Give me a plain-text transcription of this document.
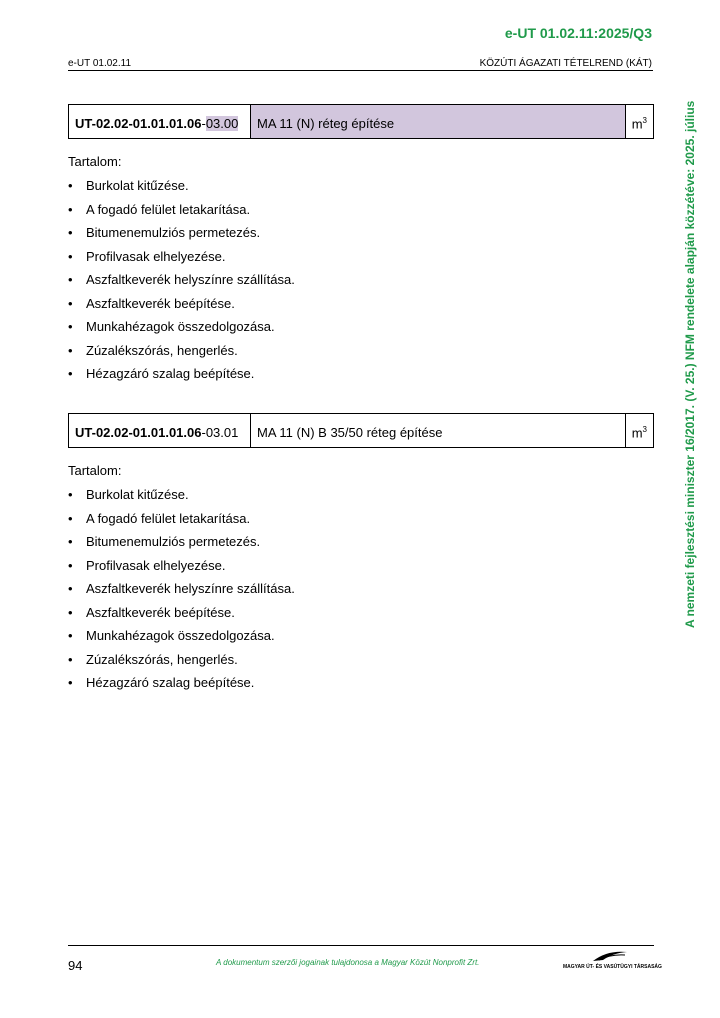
e-UT 01.02.11:2025/Q3
e-UT 01.02.11	KÖZÚTI ÁGAZATI TÉTELREND (KÁT)
A nemzeti fejlesztési miniszter 16/2017. (V. 25.) NFM rendelete alapján közzétéve: 2025. július
UT-02.02-01.01.01.06-03.00	MA 11 (N) réteg építése	$m^3$
Tartalom:
• Burkolat kitűzése.
• A fogadó felület letakarítása.
• Bitumenemulziós permetezés.
• Profilvasak elhelyezése.
• Aszfaltkeverék helyszínre szállítása.
• Aszfaltkeverék beépítése.
• Munkahézagok összedolgozása.
• Zúzalékszórás, hengerlés.
• Hézagzáró szalag beépítése.
UT-02.02-01.01.01.06-03.01	MA 11 (N) B 35/50 réteg építése	$m^3$
Tartalom:
• Burkolat kitűzése.
• A fogadó felület letakarítása.
• Bitumenemulziós permetezés.
• Profilvasak elhelyezése.
• Aszfaltkeverék helyszínre szállítása.
• Aszfaltkeverék beépítése.
• Munkahézagok összedolgozása.
• Zúzalékszórás, hengerlés.
• Hézagzáró szalag beépítése.
94	A dokumentum szerzői jogainak tulajdonosa a Magyar Közút Nonprofit Zrt.	MAGYAR ÚT- ÉS VASÚTÜGYI TÁRSASÁG
